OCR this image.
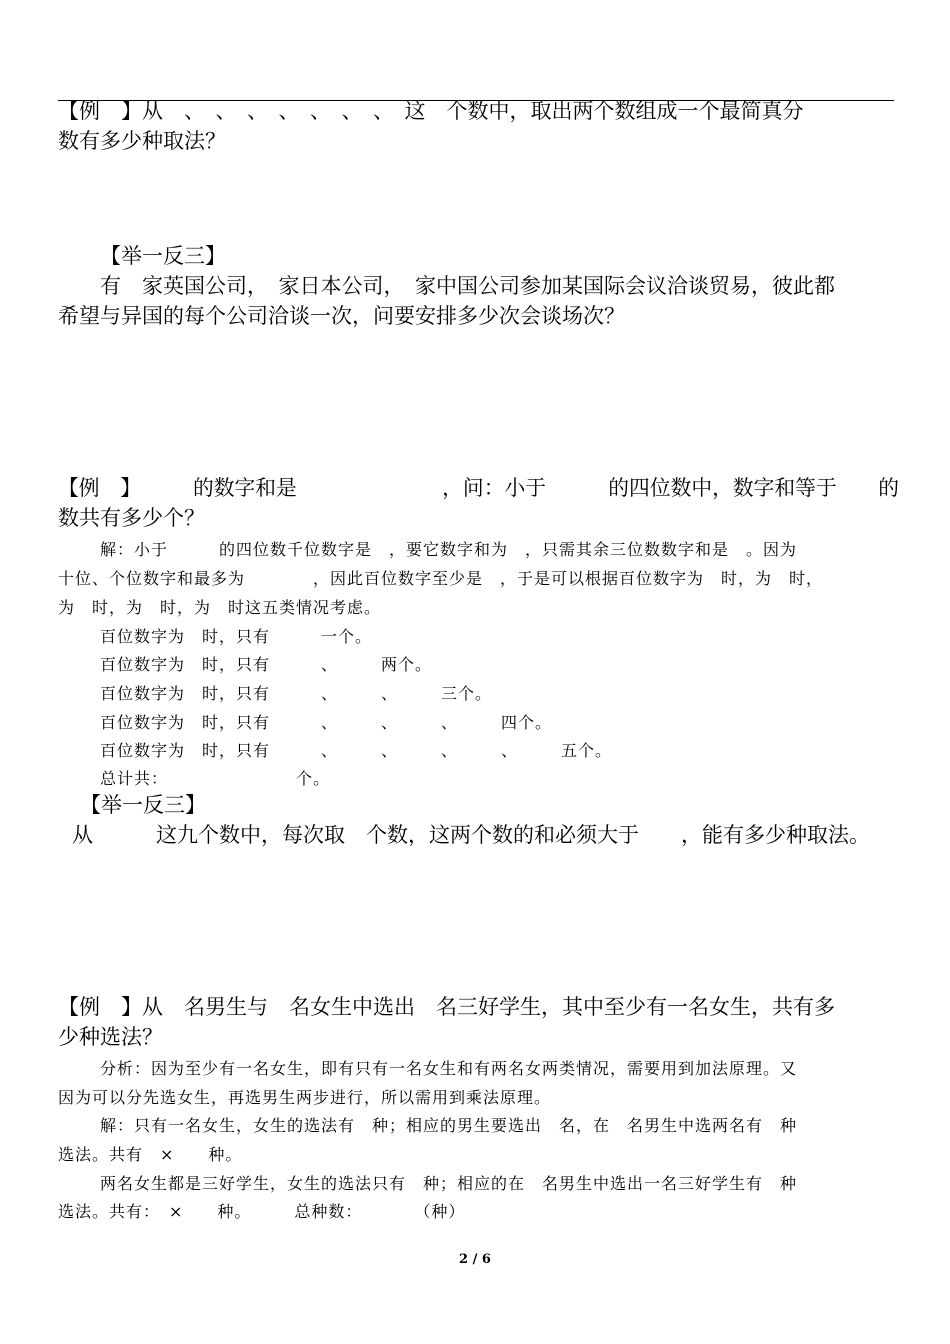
【例　】从　、　、　、　、　、　、　、　这　个数中，取出两个数组成一个最简真分
数有多少种取法？
【举一反三】
有　家英国公司，　家日本公司，　家中国公司参加某国际会议洽谈贸易，彼此都
希望与异国的每个公司洽谈一次，问要安排多少次会谈场次？
【例　】　　　的数字和是　　　　　　　，问：小于　　　的四位数中，数字和等于　　的
数共有多少个？
解：小于　　　的四位数千位数字是　，要它数字和为　，只需其余三位数数字和是　。因为
十位、个位数字和最多为　　　　，因此百位数字至少是　，于是可以根据百位数字为　时，为　时，
为　时，为　时，为　时这五类情况考虑。
百位数字为　时，只有　　　一个。
百位数字为　时，只有　　　、　　　两个。
百位数字为　时，只有　　　、　　　、　　　三个。
百位数字为　时，只有　　　、　　　、　　　、　　　四个。
百位数字为　时，只有　　　、　　　、　　　、　　　、　　　五个。
总计共：　　　　　　　　个。
【举一反三】
从　　　这九个数中，每次取　个数，这两个数的和必须大于　　，能有多少种取法。
【例　】从　名男生与　名女生中选出　名三好学生，其中至少有一名女生，共有多
少种选法？
分析：因为至少有一名女生，即有只有一名女生和有两名女两类情况，需要用到加法原理。又
因为可以分先选女生，再选男生两步进行，所以需用到乘法原理。
解：只有一名女生，女生的选法有　种；相应的男生要选出　名，在　名男生中选两名有　种
选法。共有　×　　种。
两名女生都是三好学生，女生的选法只有　种；相应的在　名男生中选出一名三好学生有　种
选法。共有：　×　　种。　　　总种数：　　　　（种）
2 / 6
